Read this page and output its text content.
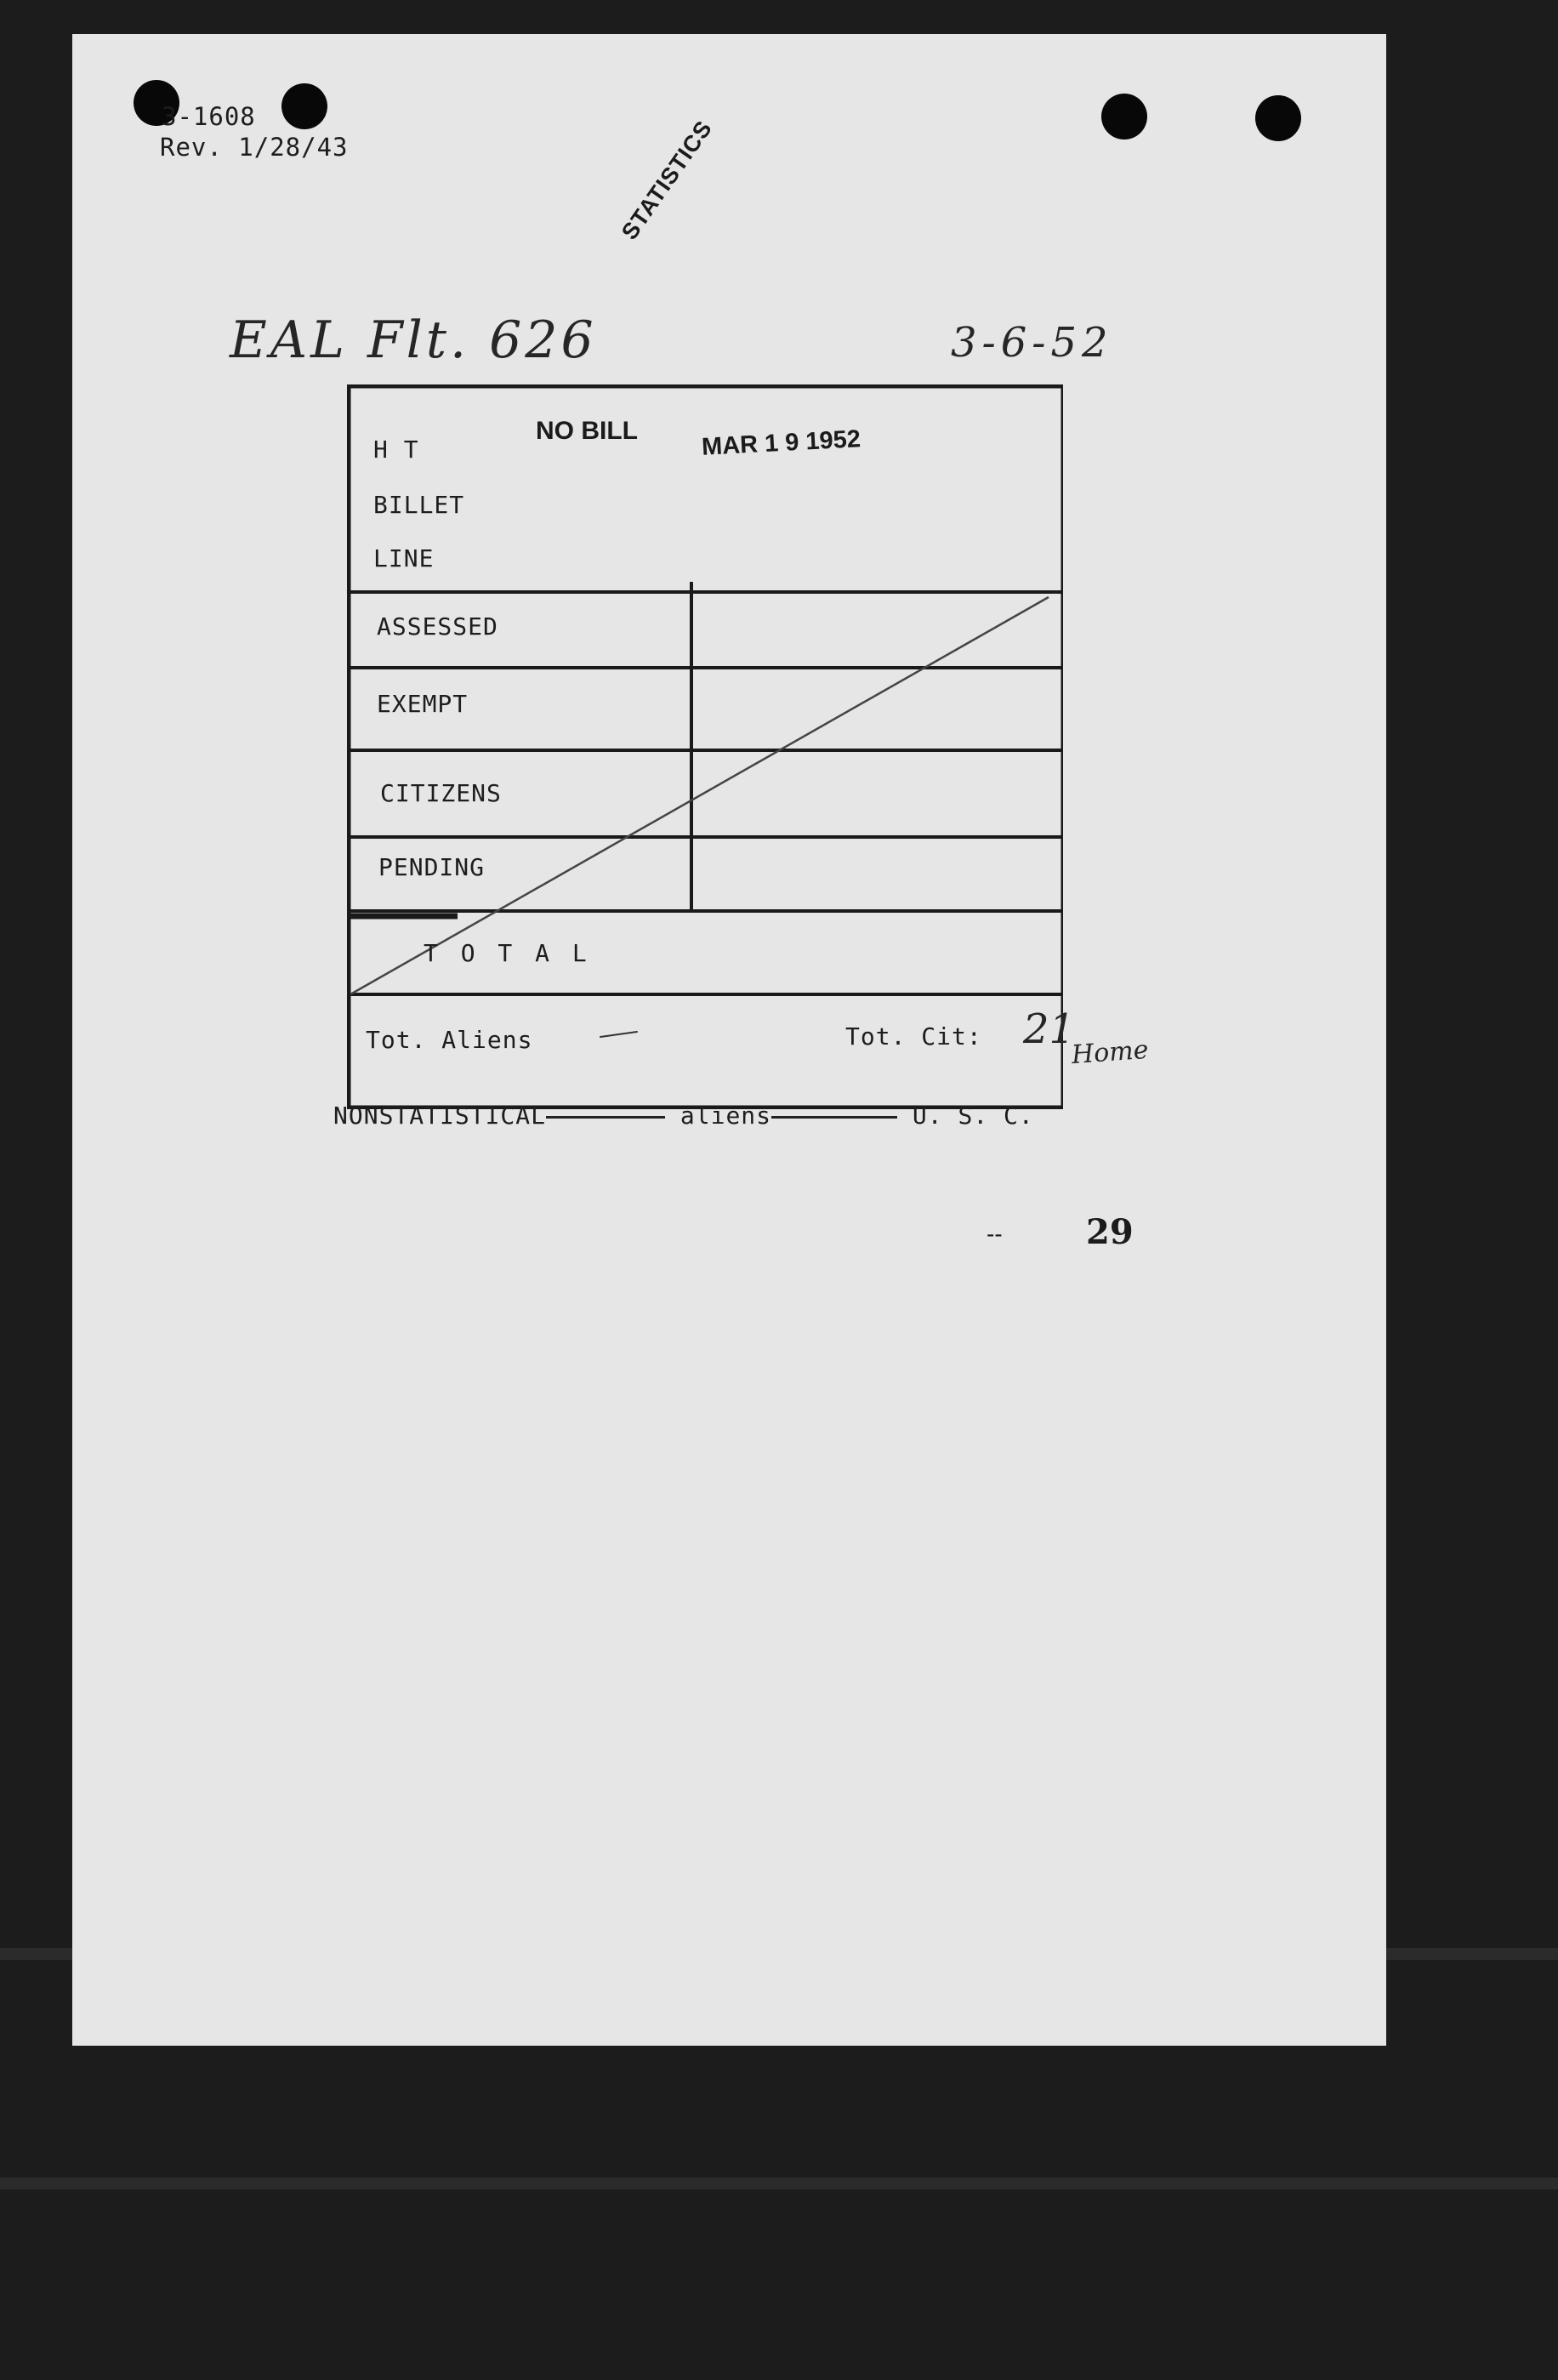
3-1608
Rev. 1/28/43	STATISTICS
EAL Flt. 626	3-6-52
NO BILL	MAR 1 9 1952
H T
BILLET
LINE
ASSESSED
EXEMPT
CITIZENS
PENDING
T O T A L
Tot. Aliens	Tot. Cit: 21
Home
NONSTATISTICAL	aliens	U. S. C.
-- 29
